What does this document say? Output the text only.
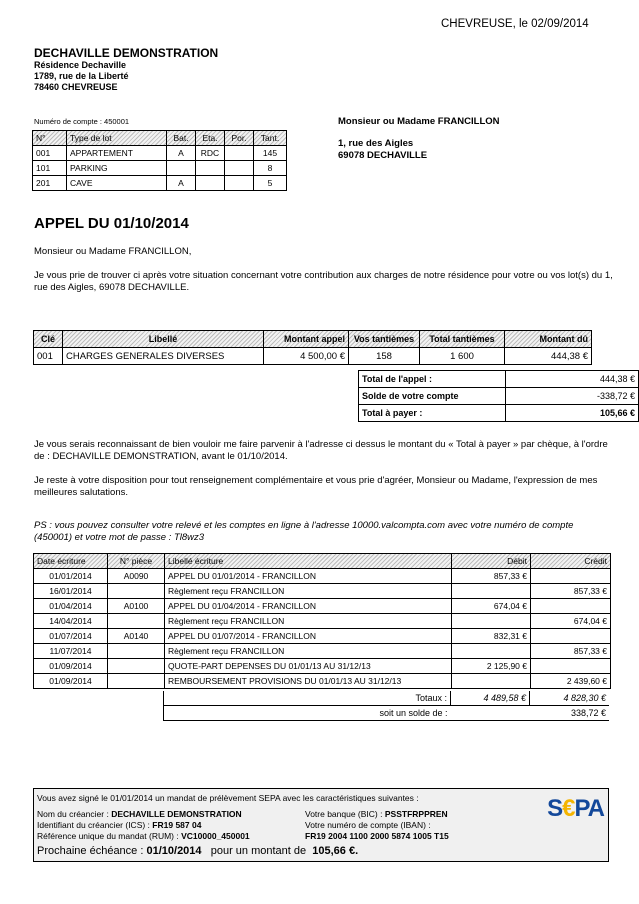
CHEVREUSE, le 02/09/2014
DECHAVILLE DEMONSTRATION
Résidence Dechaville
1789, rue de la Liberté
78460 CHEVREUSE
Numéro de compte : 450001
N°	Type de lot	Bat.	Eta.	Por.	Tant.
001	APPARTEMENT	A	RDC		145
101	PARKING				8
201	CAVE	A			5
Monsieur ou Madame FRANCILLON
1, rue des Aigles
69078 DECHAVILLE
APPEL DU 01/10/2014
Monsieur ou Madame FRANCILLON,
Je vous prie de trouver ci après votre situation concernant votre contribution aux charges de notre résidence pour votre ou vos lot(s) du 1, rue des Aigles, 69078 DECHAVILLE.
Clé	Libellé	Montant appel	Vos tantièmes	Total tantièmes	Montant dû
001	CHARGES GENERALES DIVERSES	4 500,00 €	158	1 600	444,38 €
Total de l'appel :	444,38 €
Solde de votre compte	-338,72 €
Total à payer :	105,66 €
Je vous serais reconnaissant de bien vouloir me faire parvenir à l'adresse ci dessus le montant du « Total à payer » par chèque, à l'ordre de : DECHAVILLE DEMONSTRATION, avant le 01/10/2014.
Je reste à votre disposition pour tout renseignement complémentaire et vous prie d'agréer, Monsieur ou Madame, l'expression de mes meilleures salutations.
PS : vous pouvez consulter votre relevé et les comptes en ligne à l'adresse 10000.valcompta.com avec votre numéro de compte (450001) et votre mot de passe : Tl8wz3
Date écriture	N° pièce	Libellé écriture	Débit	Crédit
01/01/2014	A0090	APPEL DU 01/01/2014 - FRANCILLON	857,33 €	
16/01/2014		Règlement reçu FRANCILLON		857,33 €
01/04/2014	A0100	APPEL DU 01/04/2014 - FRANCILLON	674,04 €	
14/04/2014		Règlement reçu FRANCILLON		674,04 €
01/07/2014	A0140	APPEL DU 01/07/2014 - FRANCILLON	832,31 €	
11/07/2014		Règlement reçu FRANCILLON		857,33 €
01/09/2014		QUOTE-PART DEPENSES DU 01/01/13 AU 31/12/13	2 125,90 €	
01/09/2014		REMBOURSEMENT PROVISIONS DU 01/01/13 AU 31/12/13		2 439,60 €
Totaux :	4 489,58 €	4 828,30 €
soit un solde de :		338,72 €
Vous avez signé le 01/01/2014 un mandat de prélèvement SEPA avec les caractéristiques suivantes :
Nom du créancier : DECHAVILLE DEMONSTRATION
Identifiant du créancier (ICS) : FR19 587 04
Référence unique du mandat (RUM) : VC10000_450001
Votre banque (BIC) : PSSTFRPPREN
Votre numéro de compte (IBAN) :
FR19 2004 1100 2000 5874 1005 T15
Prochaine échéance : 01/10/2014 pour un montant de 105,66 €.
S€PA
